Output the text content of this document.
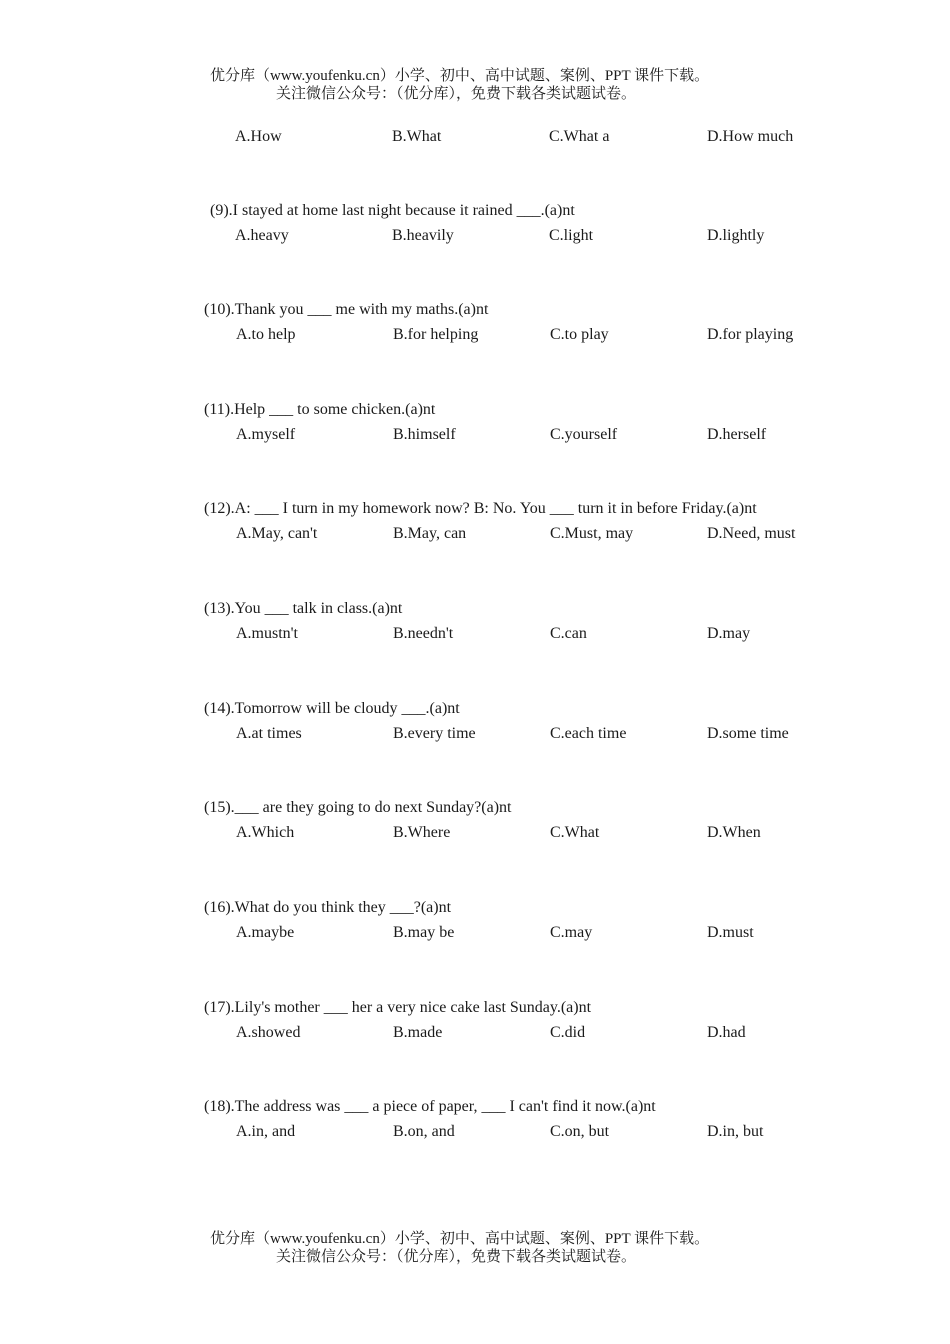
优分库（www.youfenku.cn）小学、初中、高中试题、案例、PPT 课件下载。
关注微信公众号：（优分库），免费下载各类试题试卷。
A.How	B.What	C.What a	D.How much
(9).I stayed at home last night because it rained ___.(a)nt
A.heavy	B.heavily	C.light	D.lightly
(10).Thank you ___ me with my maths.(a)nt
A.to help	B.for helping	C.to play	D.for playing
(11).Help ___ to some chicken.(a)nt
A.myself	B.himself	C.yourself	D.herself
(12).A: ___ I turn in my homework now? B: No. You ___ turn it in before Friday.(a)nt
A.May, can't	B.May, can	C.Must, may	D.Need, must
(13).You ___ talk in class.(a)nt
A.mustn't	B.needn't	C.can	D.may
(14).Tomorrow will be cloudy ___.(a)nt
A.at times	B.every time	C.each time	D.some time
(15).___ are they going to do next Sunday?(a)nt
A.Which	B.Where	C.What	D.When
(16).What do you think they ___?(a)nt
A.maybe	B.may be	C.may	D.must
(17).Lily's mother ___ her a very nice cake last Sunday.(a)nt
A.showed	B.made	C.did	D.had
(18).The address was ___ a piece of paper, ___ I can't find it now.(a)nt
A.in, and	B.on, and	C.on, but	D.in, but
优分库（www.youfenku.cn）小学、初中、高中试题、案例、PPT 课件下载。
关注微信公众号：（优分库），免费下载各类试题试卷。
